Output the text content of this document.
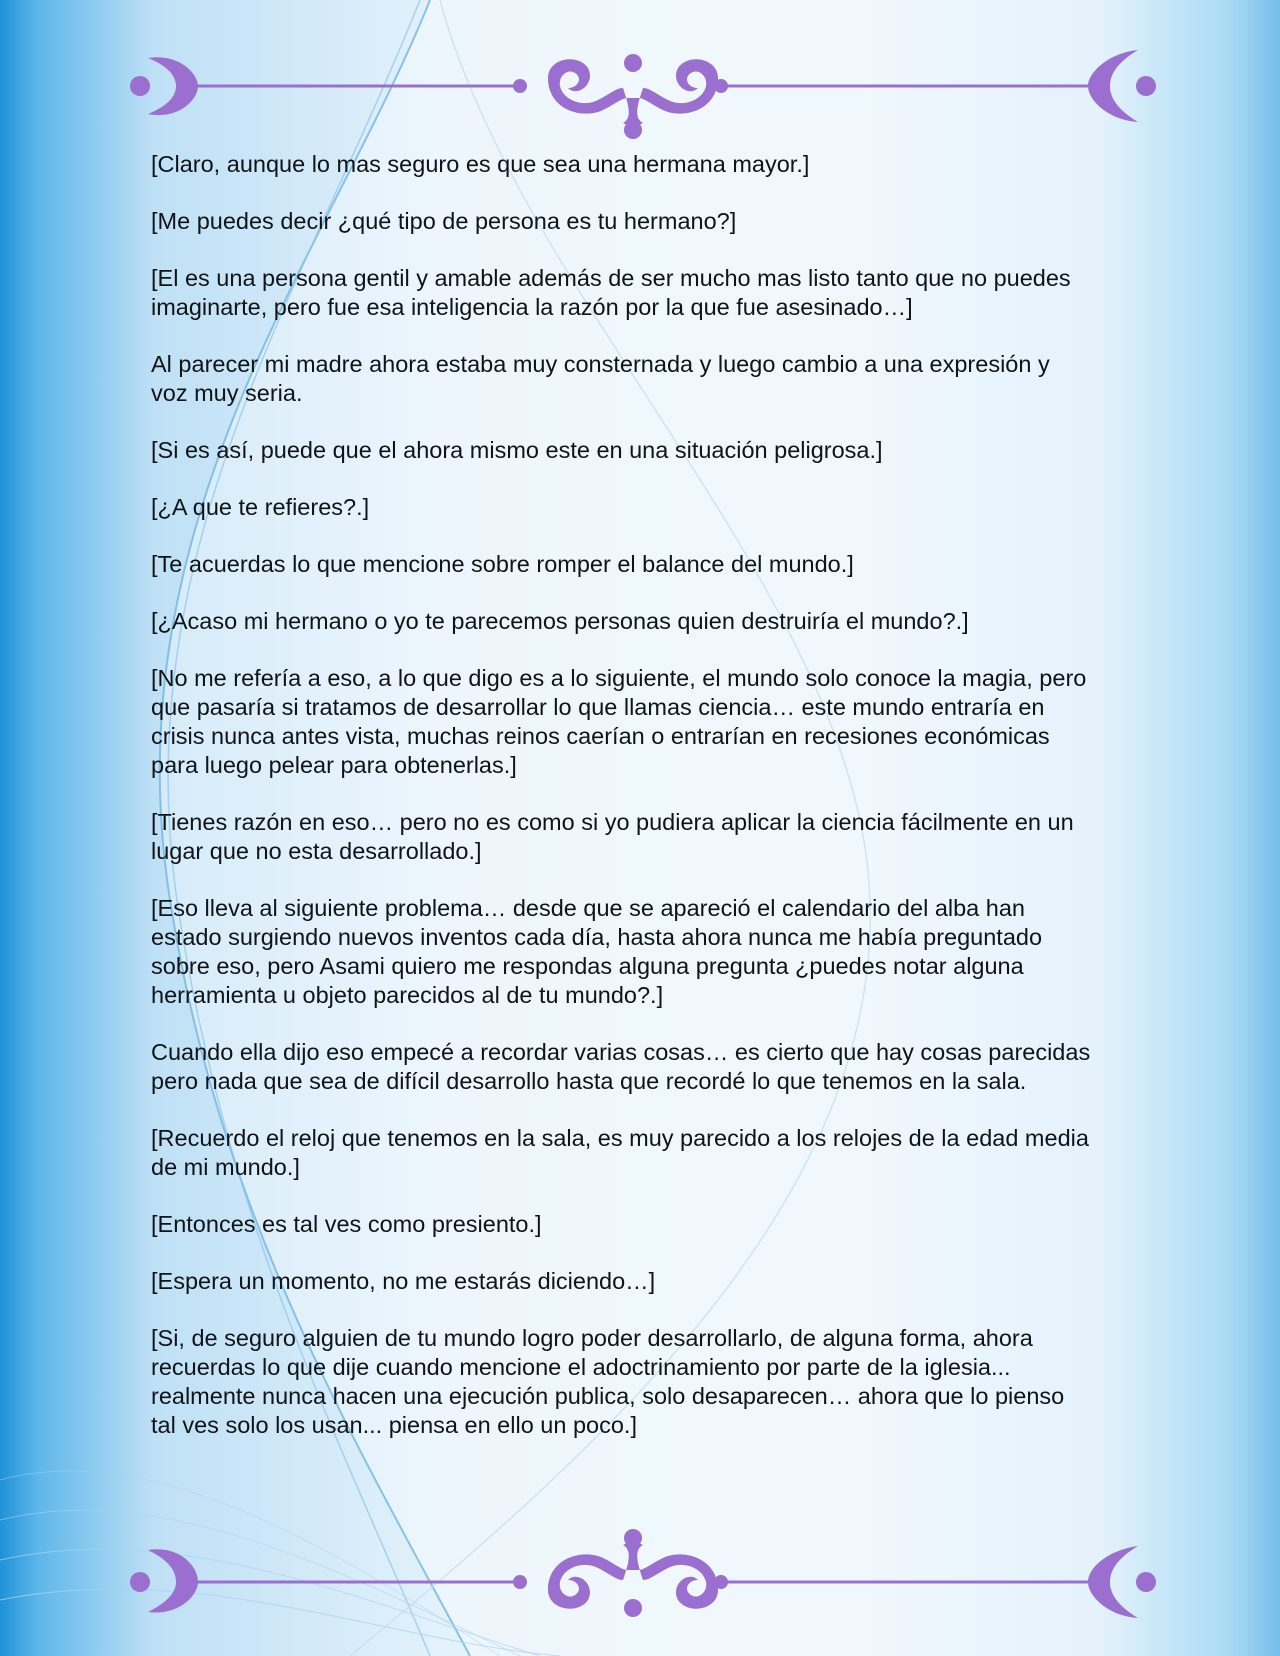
[Claro, aunque lo mas seguro es que sea una hermana mayor.]

[Me puedes decir ¿qué tipo de persona es tu hermano?]

[El es una persona gentil y amable además de ser mucho mas listo tanto que no puedes imaginarte, pero fue esa inteligencia la razón por la que fue asesinado…]

Al parecer mi madre ahora estaba muy consternada y luego cambio a una expresión y voz muy seria.

[Si es así, puede que el ahora mismo este en una situación peligrosa.]

[¿A que te refieres?.]

[Te acuerdas lo que mencione sobre romper el balance del mundo.]

[¿Acaso mi hermano o yo te parecemos personas quien destruiría el mundo?.]

[No me refería a eso, a lo que digo es a lo siguiente, el mundo solo conoce la magia, pero que pasaría si tratamos de desarrollar lo que llamas ciencia… este mundo entraría en crisis nunca antes vista, muchas reinos caerían o entrarían en recesiones económicas para luego pelear para obtenerlas.]

[Tienes razón en eso… pero no es como si yo pudiera aplicar la ciencia fácilmente en un lugar que no esta desarrollado.]

[Eso lleva al siguiente problema… desde que se apareció el calendario del alba han estado surgiendo nuevos inventos cada día, hasta ahora nunca me había preguntado sobre eso, pero Asami quiero me respondas alguna pregunta ¿puedes notar alguna herramienta u objeto parecidos al de tu mundo?.]

Cuando ella dijo eso empecé a recordar varias cosas… es cierto que hay cosas parecidas pero nada que sea de difícil desarrollo hasta que recordé lo que tenemos en la sala.

[Recuerdo el reloj que tenemos en la sala, es muy parecido a los relojes de la edad media de mi mundo.]

[Entonces es tal ves como presiento.]

[Espera un momento, no me estarás diciendo…]

[Si, de seguro alguien de tu mundo logro poder desarrollarlo, de alguna forma, ahora recuerdas lo que dije cuando mencione el adoctrinamiento por parte de la iglesia... realmente nunca hacen una ejecución publica, solo desaparecen… ahora que lo pienso tal ves solo los usan... piensa en ello un poco.]
